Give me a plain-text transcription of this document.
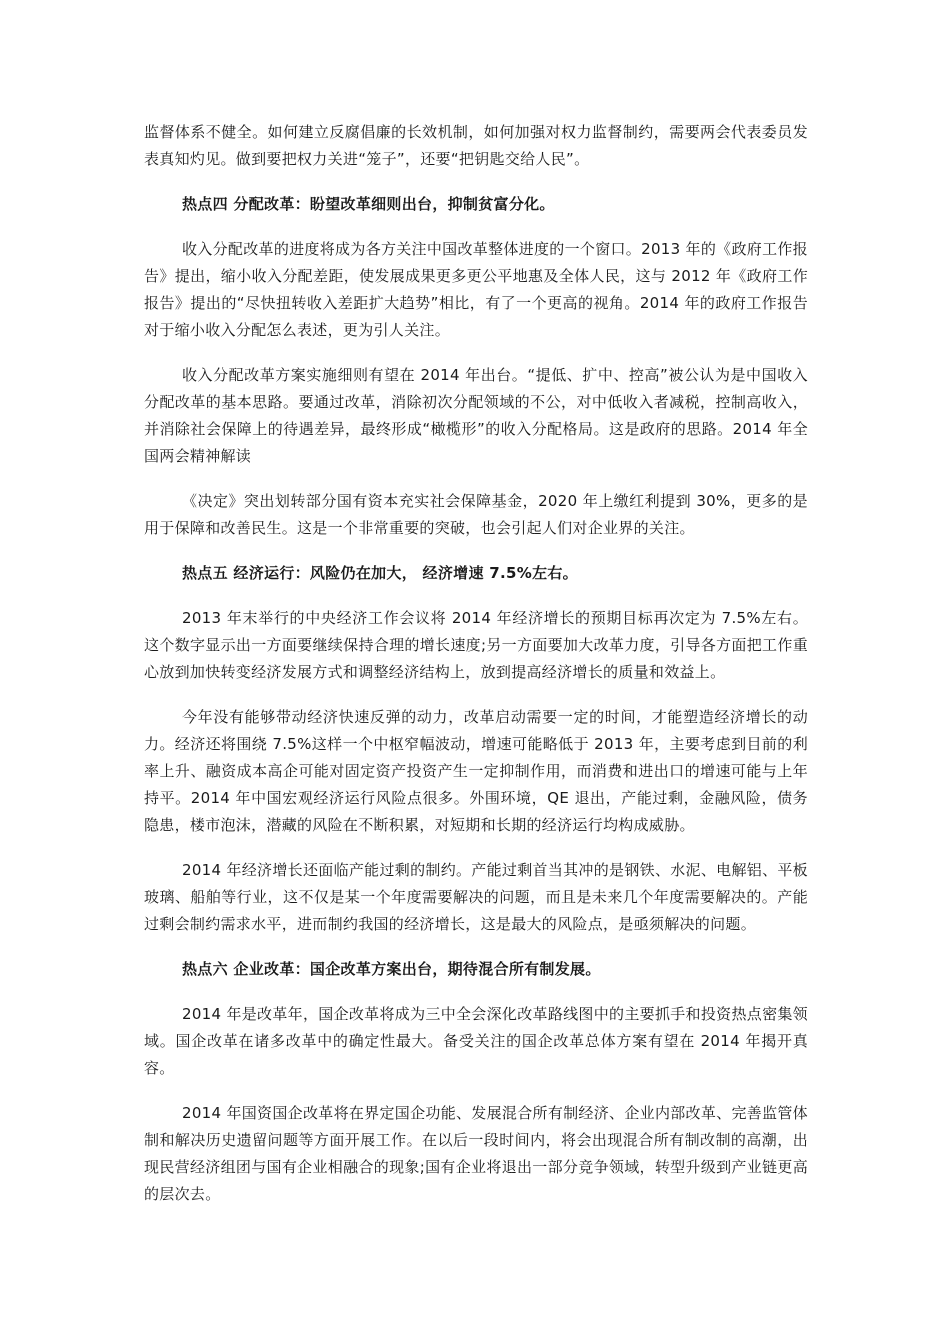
监督体系不健全。如何建立反腐倡廉的长效机制，如何加强对权力监督制约，需要两会代表委员发表真知灼见。做到要把权力关进“笼子”，还要“把钥匙交给人民”。

热点四 分配改革：盼望改革细则出台，抑制贫富分化。

收入分配改革的进度将成为各方关注中国改革整体进度的一个窗口。2013 年的《政府工作报告》提出，缩小收入分配差距，使发展成果更多更公平地惠及全体人民，这与 2012 年《政府工作报告》提出的“尽快扭转收入差距扩大趋势”相比，有了一个更高的视角。2014 年的政府工作报告对于缩小收入分配怎么表述，更为引人关注。

收入分配改革方案实施细则有望在 2014 年出台。“提低、扩中、控高”被公认为是中国收入分配改革的基本思路。要通过改革，消除初次分配领域的不公，对中低收入者减税，控制高收入，并消除社会保障上的待遇差异，最终形成“橄榄形”的收入分配格局。这是政府的思路。2014 年全国两会精神解读

《决定》突出划转部分国有资本充实社会保障基金，2020 年上缴红利提到 30%，更多的是用于保障和改善民生。这是一个非常重要的突破，也会引起人们对企业界的关注。

热点五 经济运行：风险仍在加大， 经济增速 7.5%左右。

2013 年末举行的中央经济工作会议将 2014 年经济增长的预期目标再次定为 7.5%左右。这个数字显示出一方面要继续保持合理的增长速度;另一方面要加大改革力度，引导各方面把工作重心放到加快转变经济发展方式和调整经济结构上，放到提高经济增长的质量和效益上。

今年没有能够带动经济快速反弹的动力，改革启动需要一定的时间，才能塑造经济增长的动力。经济还将围绕 7.5%这样一个中枢窄幅波动，增速可能略低于 2013 年，主要考虑到目前的利率上升、融资成本高企可能对固定资产投资产生一定抑制作用，而消费和进出口的增速可能与上年持平。2014 年中国宏观经济运行风险点很多。外围环境，QE 退出，产能过剩，金融风险，债务隐患，楼市泡沫，潜藏的风险在不断积累，对短期和长期的经济运行均构成威胁。

2014 年经济增长还面临产能过剩的制约。产能过剩首当其冲的是钢铁、水泥、电解铝、平板玻璃、船舶等行业，这不仅是某一个年度需要解决的问题，而且是未来几个年度需要解决的。产能过剩会制约需求水平，进而制约我国的经济增长，这是最大的风险点，是亟须解决的问题。

热点六 企业改革：国企改革方案出台，期待混合所有制发展。

2014 年是改革年，国企改革将成为三中全会深化改革路线图中的主要抓手和投资热点密集领域。国企改革在诸多改革中的确定性最大。备受关注的国企改革总体方案有望在 2014 年揭开真容。

2014 年国资国企改革将在界定国企功能、发展混合所有制经济、企业内部改革、完善监管体制和解决历史遗留问题等方面开展工作。在以后一段时间内，将会出现混合所有制改制的高潮，出现民营经济组团与国有企业相融合的现象;国有企业将退出一部分竞争领域，转型升级到产业链更高的层次去。
